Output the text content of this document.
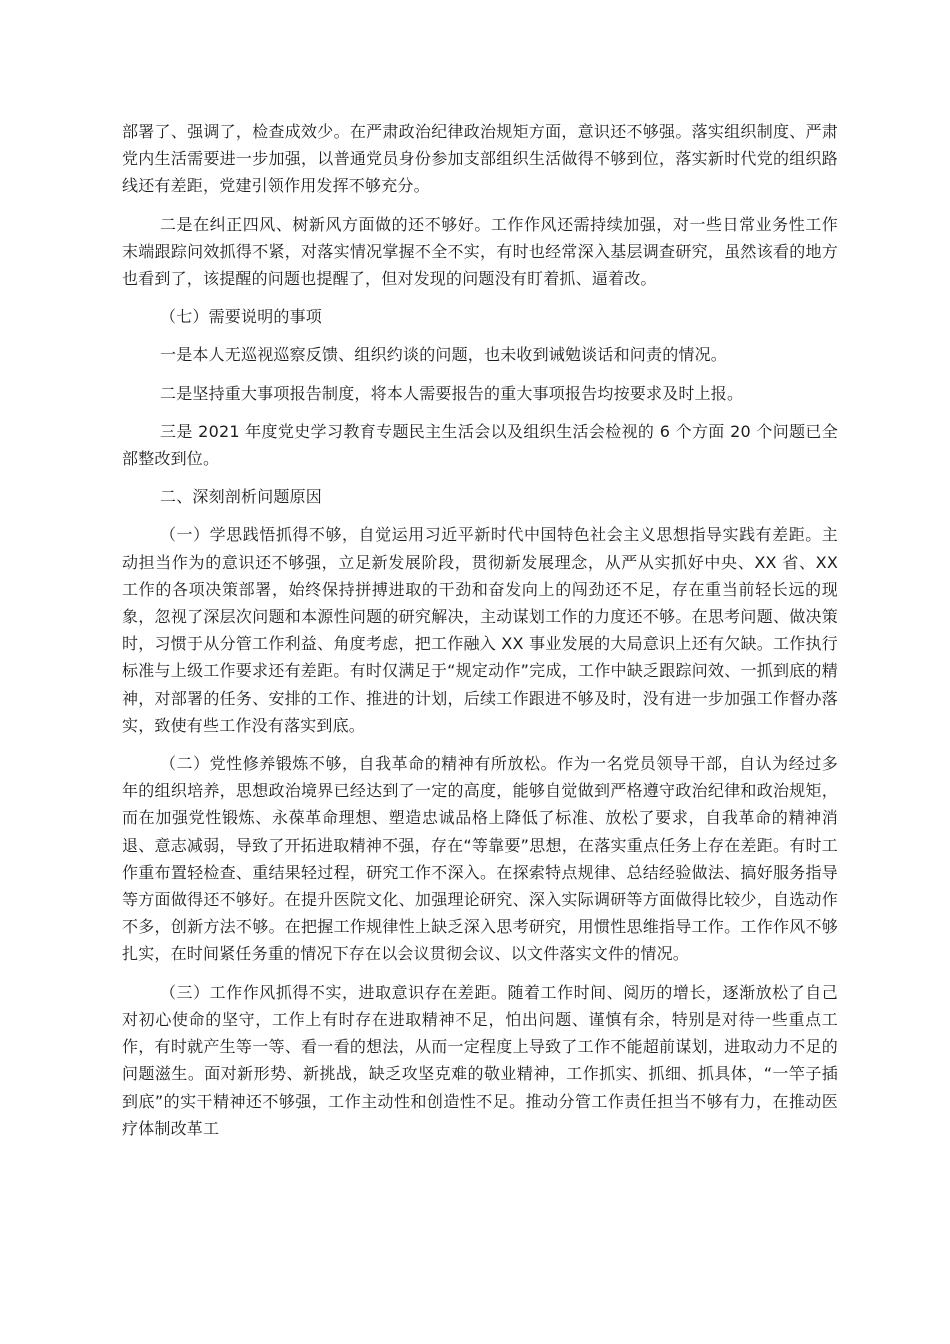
部署了、强调了，检查成效少。在严肃政治纪律政治规矩方面，意识还不够强。落实组织制度、严肃党内生活需要进一步加强，以普通党员身份参加支部组织生活做得不够到位，落实新时代党的组织路线还有差距，党建引领作用发挥不够充分。

二是在纠正四风、树新风方面做的还不够好。工作作风还需持续加强，对一些日常业务性工作末端跟踪问效抓得不紧，对落实情况掌握不全不实，有时也经常深入基层调查研究，虽然该看的地方也看到了，该提醒的问题也提醒了，但对发现的问题没有盯着抓、逼着改。

（七）需要说明的事项

一是本人无巡视巡察反馈、组织约谈的问题，也未收到诫勉谈话和问责的情况。

二是坚持重大事项报告制度，将本人需要报告的重大事项报告均按要求及时上报。

三是 2021 年度党史学习教育专题民主生活会以及组织生活会检视的 6 个方面 20 个问题已全部整改到位。

二、深刻剖析问题原因

（一）学思践悟抓得不够，自觉运用习近平新时代中国特色社会主义思想指导实践有差距。主动担当作为的意识还不够强，立足新发展阶段，贯彻新发展理念，从严从实抓好中央、XX 省、XX 工作的各项决策部署，始终保持拼搏进取的干劲和奋发向上的闯劲还不足，存在重当前轻长远的现象，忽视了深层次问题和本源性问题的研究解决，主动谋划工作的力度还不够。在思考问题、做决策时，习惯于从分管工作利益、角度考虑，把工作融入 XX 事业发展的大局意识上还有欠缺。工作执行标准与上级工作要求还有差距。有时仅满足于“规定动作”完成，工作中缺乏跟踪问效、一抓到底的精神，对部署的任务、安排的工作、推进的计划，后续工作跟进不够及时，没有进一步加强工作督办落实，致使有些工作没有落实到底。

（二）党性修养锻炼不够，自我革命的精神有所放松。作为一名党员领导干部，自认为经过多年的组织培养，思想政治境界已经达到了一定的高度，能够自觉做到严格遵守政治纪律和政治规矩，而在加强党性锻炼、永葆革命理想、塑造忠诚品格上降低了标准、放松了要求，自我革命的精神消退、意志减弱，导致了开拓进取精神不强，存在“等靠要”思想，在落实重点任务上存在差距。有时工作重布置轻检查、重结果轻过程，研究工作不深入。在探索特点规律、总结经验做法、搞好服务指导等方面做得还不够好。在提升医院文化、加强理论研究、深入实际调研等方面做得比较少，自选动作不多，创新方法不够。在把握工作规律性上缺乏深入思考研究，用惯性思维指导工作。工作作风不够扎实，在时间紧任务重的情况下存在以会议贯彻会议、以文件落实文件的情况。

（三）工作作风抓得不实，进取意识存在差距。随着工作时间、阅历的增长，逐渐放松了自己对初心使命的坚守，工作上有时存在进取精神不足，怕出问题、谨慎有余，特别是对待一些重点工作，有时就产生等一等、看一看的想法，从而一定程度上导致了工作不能超前谋划，进取动力不足的问题滋生。面对新形势、新挑战，缺乏攻坚克难的敬业精神，工作抓实、抓细、抓具体，“一竿子插到底”的实干精神还不够强，工作主动性和创造性不足。推动分管工作责任担当不够有力，在推动医疗体制改革工
